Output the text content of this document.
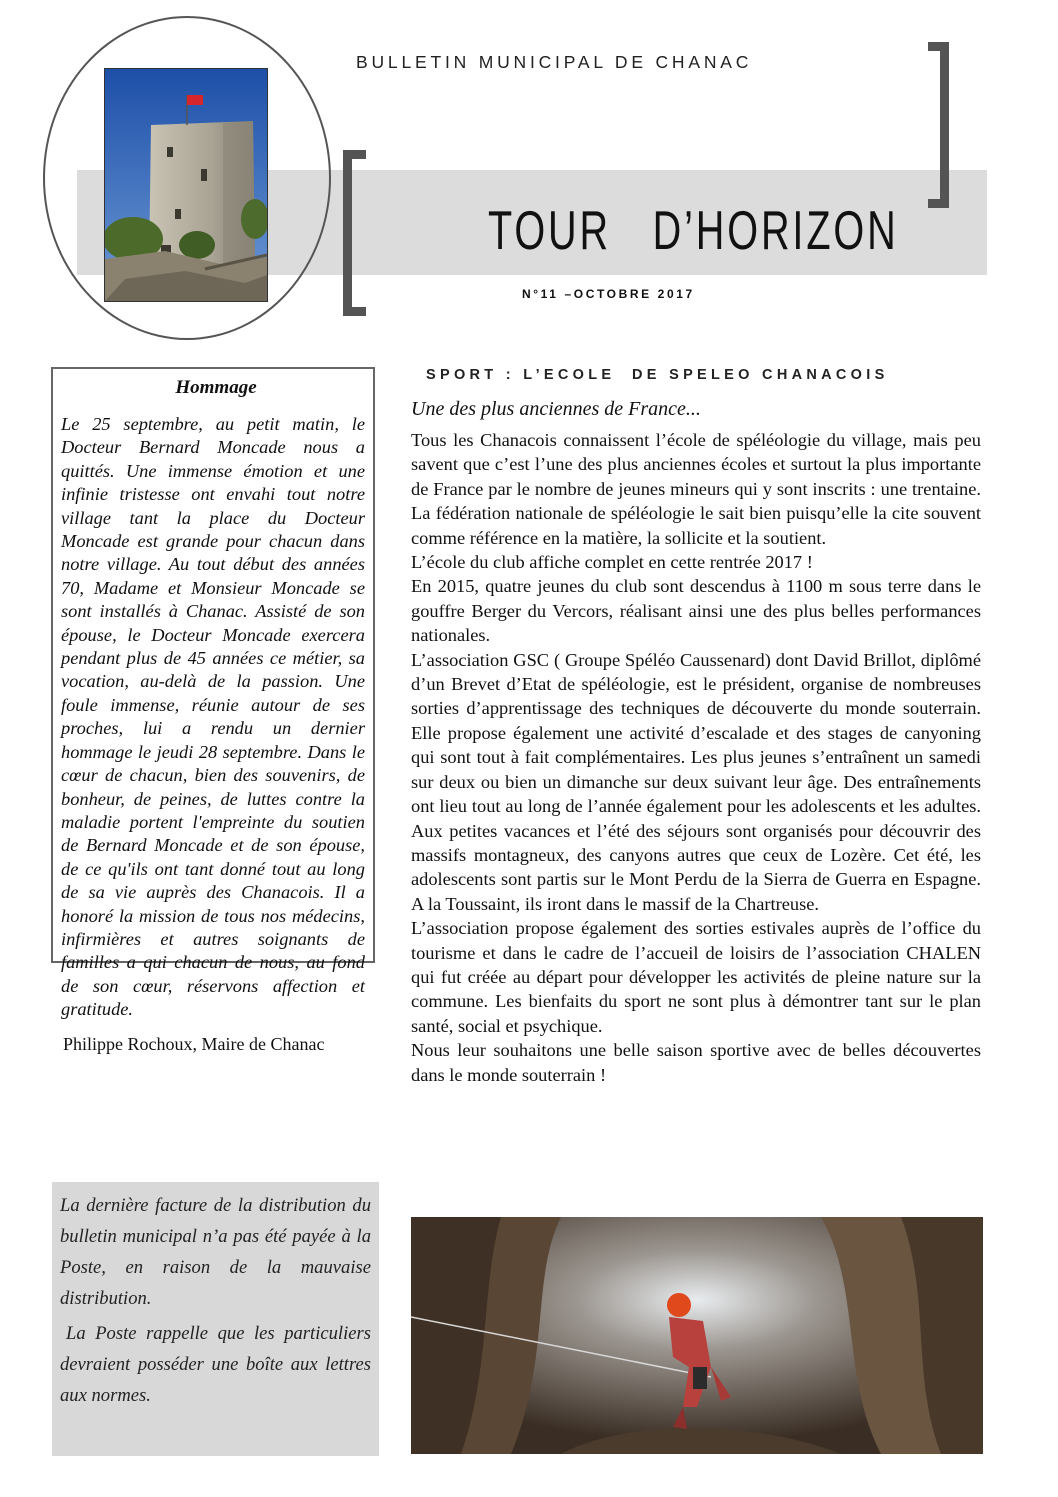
BULLETIN MUNICIPAL DE CHANAC
TOUR   D’HORIZON
N°11 –OCTOBRE 2017
Hommage
Le 25 septembre, au petit matin, le Docteur Bernard Moncade nous a quittés. Une immense émotion et une infinie tristesse ont envahi tout notre village tant la place du Docteur Moncade est grande pour chacun dans notre village. Au tout début des années 70, Madame et Monsieur Moncade se sont installés à Chanac. Assisté de son épouse, le Docteur Moncade exercera pendant plus de 45 années ce métier, sa vocation, au-delà de la passion. Une foule immense, réunie autour de ses proches, lui a rendu un dernier hommage le jeudi 28 septembre. Dans le cœur de chacun, bien des souvenirs, de bonheur, de peines, de luttes contre la maladie portent l'empreinte du soutien de Bernard Moncade et de son épouse, de ce qu'ils ont tant donné tout au long de sa vie auprès des Chanacois. Il a honoré la mission de tous nos médecins, infirmières et autres soignants de familles a qui chacun de nous, au fond de son cœur, réservons affection et gratitude.
Philippe Rochoux, Maire de Chanac

La dernière facture de la distribution du bulletin municipal n’a pas été payée à la Poste, en raison de la mauvaise distribution.

La Poste rappelle que les particuliers devraient posséder une boîte aux lettres aux normes.

SPORT : L’ECOLE  DE SPELEO CHANACOIS
Une des plus anciennes de France...

Tous les Chanacois connaissent l’école de spéléologie du village, mais peu savent que c’est l’une des plus anciennes écoles et surtout la plus importante de France par le nombre de jeunes mineurs qui y sont inscrits : une trentaine. La fédération nationale de spéléologie le sait bien puisqu’elle la cite souvent comme référence en la matière, la sollicite et la soutient.

L’école du club affiche complet en cette rentrée 2017 !

En 2015, quatre jeunes du club sont descendus à 1100 m sous terre dans le gouffre Berger du Vercors, réalisant ainsi une des plus belles performances nationales.

L’association GSC ( Groupe Spéléo Caussenard) dont David Brillot, diplômé d’un Brevet d’Etat de spéléologie, est le président, organise de nombreuses sorties d’apprentissage des techniques de découverte du monde souterrain. Elle propose également une activité d’escalade et des stages de canyoning qui sont tout à fait complémentaires. Les plus jeunes s’entraînent un samedi sur deux ou bien un dimanche sur deux suivant leur âge. Des entraînements ont lieu tout au long de l’année également pour les adolescents et les adultes. Aux petites vacances et l’été des séjours sont organisés pour découvrir des massifs montagneux, des canyons autres que ceux de Lozère. Cet été, les adolescents sont partis sur le Mont Perdu de la Sierra de Guerra en Espagne. A la Toussaint, ils iront dans le massif de la Chartreuse.

L’association propose également des sorties estivales auprès de l’office du tourisme et dans le cadre de l’accueil de loisirs de l’association CHALEN qui fut créée au départ pour développer les activités de pleine nature sur la commune. Les bienfaits du sport ne sont plus à démontrer tant sur le plan santé, social et psychique.

Nous leur souhaitons une belle saison sportive avec de belles découvertes dans le monde souterrain !
